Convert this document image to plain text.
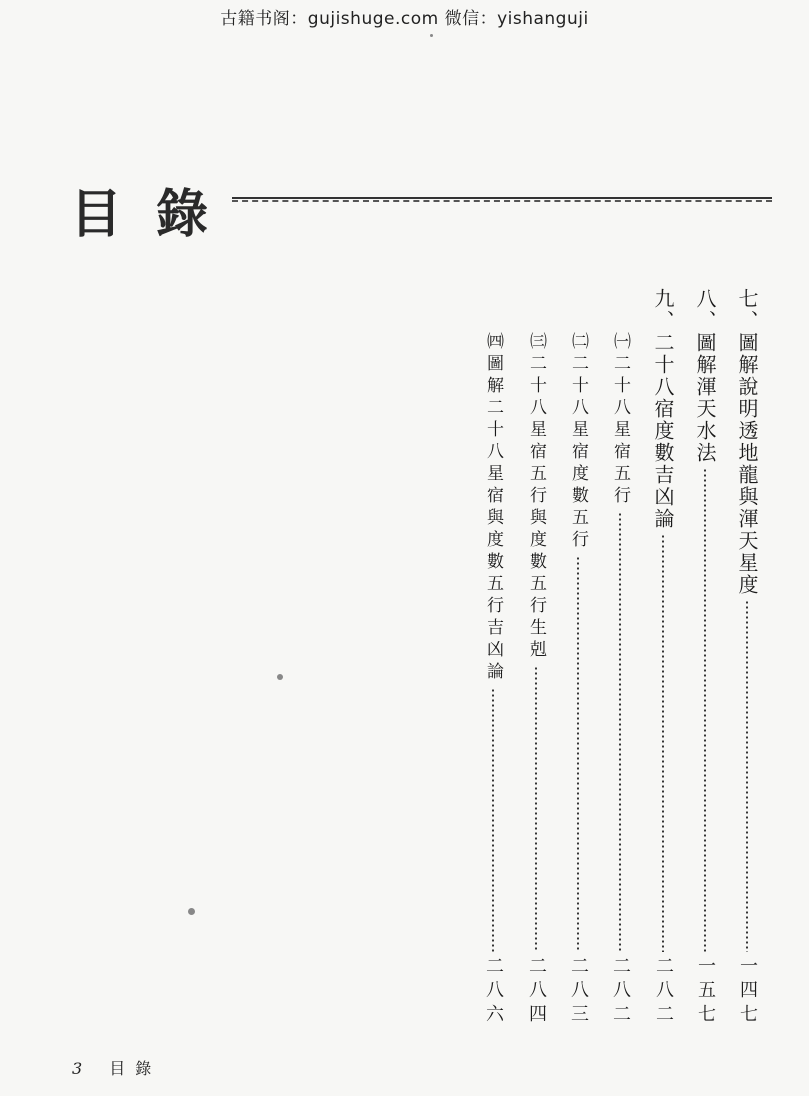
古籍书阁：gujishuge.com 微信：yishanguji
目錄
七、圖解說明透地龍與渾天星度
一四七
八、圖解渾天水法
一五七
九、二十八宿度數吉凶論
二八二
㈠二十八星宿五行
二八二
㈡二十八星宿度數五行
二八三
㈢二十八星宿五行與度數五行生剋
二八四
㈣圖解二十八星宿與度數五行吉凶論
二八六
3 目錄
